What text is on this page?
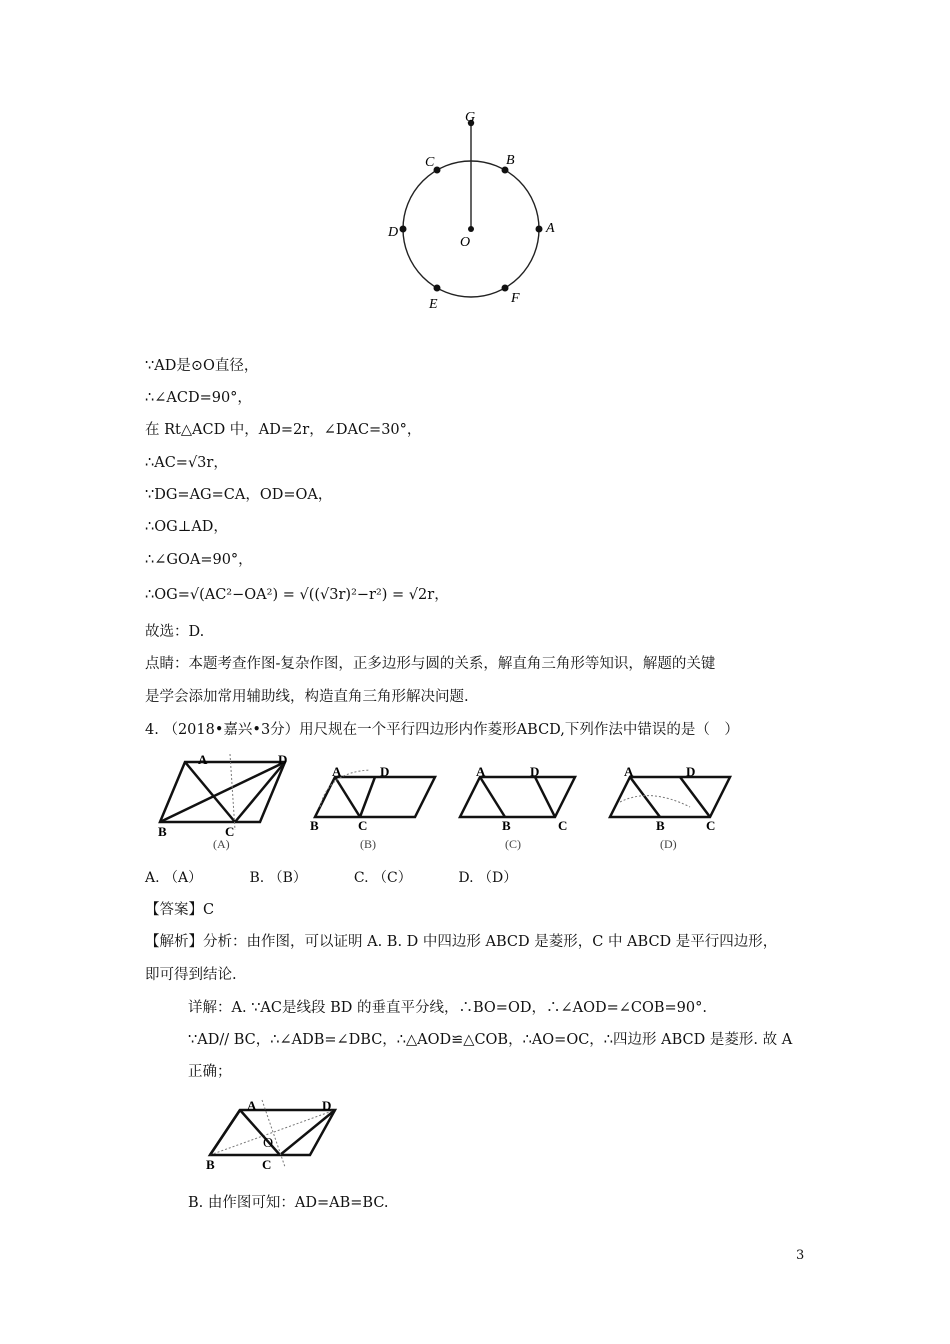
G
C	B
D
O
A
E	F
∵AD是⊙O直径，
∴∠ACD=90°，
在 Rt△ACD 中，AD=2r，∠DAC=30°，
∴AC=√3r，
∵DG=AG=CA，OD=OA，
∴OG⊥AD，
∴∠GOA=90°，
∴OG=√(AC²−OA²) = √((√3r)²−r²) = √2r，
故选：D.
点睛：本题考查作图-复杂作图，正多边形与圆的关系，解直角三角形等知识，解题的关键
是学会添加常用辅助线，构造直角三角形解决问题.
4. （2018•嘉兴•3分）用尺规在一个平行四边形内作菱形ABCD,下列作法中错误的是（　）
A	D
B	C
(A)
A	D
B	C
(B)
A	D
B	C
(C)
A	D
B	C
(D)
A. （A）	B. （B）	C. （C）	D. （D）
【答案】C
【解析】分析：由作图，可以证明 A. B. D 中四边形 ABCD 是菱形，C 中 ABCD 是平行四边形，
即可得到结论.
详解：A. ∵AC是线段 BD 的垂直平分线，∴BO=OD，∴∠AOD=∠COB=90°.
∵AD// BC，∴∠ADB=∠DBC，∴△AOD≌△COB，∴AO=OC，∴四边形 ABCD 是菱形. 故 A
正确；
A	D
O
B	C
B. 由作图可知：AD=AB=BC.
3
